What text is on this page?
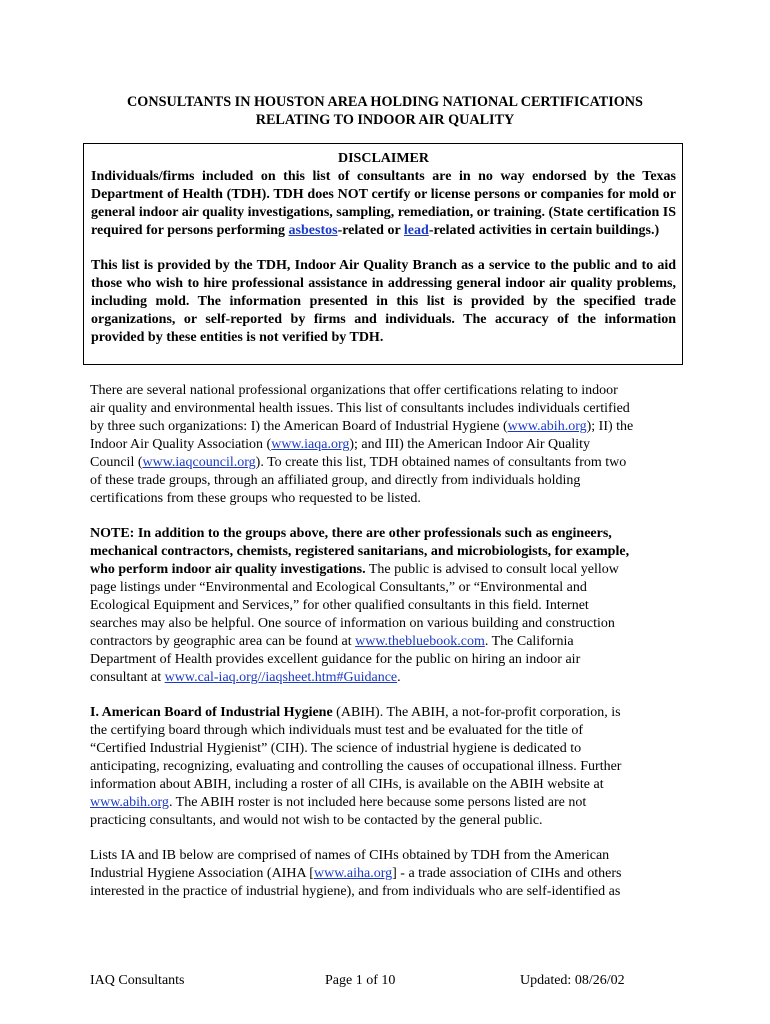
CONSULTANTS IN HOUSTON AREA HOLDING NATIONAL CERTIFICATIONS
RELATING TO INDOOR AIR QUALITY
DISCLAIMER

Individuals/firms included on this list of consultants are in no way endorsed by the Texas Department of Health (TDH). TDH does NOT certify or license persons or companies for mold or general indoor air quality investigations, sampling, remediation, or training. (State certification IS required for persons performing asbestos-related or lead-related activities in certain buildings.)

This list is provided by the TDH, Indoor Air Quality Branch as a service to the public and to aid those who wish to hire professional assistance in addressing general indoor air quality problems, including mold. The information presented in this list is provided by the specified trade organizations, or self-reported by firms and individuals. The accuracy of the information provided by these entities is not verified by TDH.

There are several national professional organizations that offer certifications relating to indoor
air quality and environmental health issues. This list of consultants includes individuals certified
by three such organizations: I) the American Board of Industrial Hygiene (www.abih.org); II) the
Indoor Air Quality Association (www.iaqa.org); and III) the American Indoor Air Quality
Council (www.iaqcouncil.org). To create this list, TDH obtained names of consultants from two
of these trade groups, through an affiliated group, and directly from individuals holding
certifications from these groups who requested to be listed.
NOTE: In addition to the groups above, there are other professionals such as engineers,
mechanical contractors, chemists, registered sanitarians, and microbiologists, for example,
who perform indoor air quality investigations. The public is advised to consult local yellow
page listings under “Environmental and Ecological Consultants,” or “Environmental and
Ecological Equipment and Services,” for other qualified consultants in this field. Internet
searches may also be helpful. One source of information on various building and construction
contractors by geographic area can be found at www.thebluebook.com. The California
Department of Health provides excellent guidance for the public on hiring an indoor air
consultant at www.cal-iaq.org//iaqsheet.htm#Guidance.
I. American Board of Industrial Hygiene (ABIH). The ABIH, a not-for-profit corporation, is
the certifying board through which individuals must test and be evaluated for the title of
“Certified Industrial Hygienist” (CIH). The science of industrial hygiene is dedicated to
anticipating, recognizing, evaluating and controlling the causes of occupational illness. Further
information about ABIH, including a roster of all CIHs, is available on the ABIH website at
www.abih.org. The ABIH roster is not included here because some persons listed are not
practicing consultants, and would not wish to be contacted by the general public.
Lists IA and IB below are comprised of names of CIHs obtained by TDH from the American
Industrial Hygiene Association (AIHA [www.aiha.org] - a trade association of CIHs and others
interested in the practice of industrial hygiene), and from individuals who are self-identified as
IAQ Consultants	Page 1 of 10	Updated: 08/26/02
